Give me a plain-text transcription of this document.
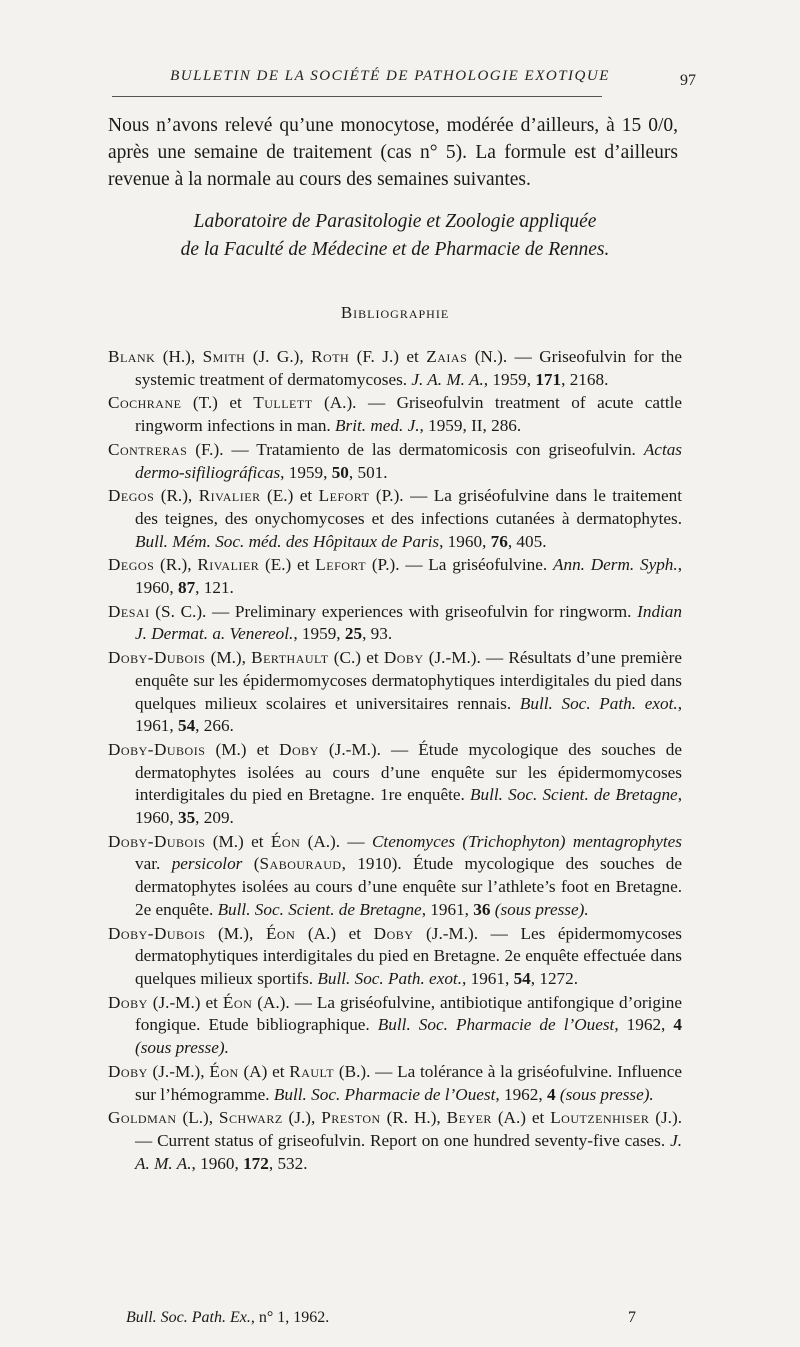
BULLETIN DE LA SOCIÉTÉ DE PATHOLOGIE EXOTIQUE	97
Nous n’avons relevé qu’une monocytose, modérée d’ailleurs, à 15 0/0, après une semaine de traitement (cas n° 5). La formule est d’ailleurs revenue à la normale au cours des semaines suivantes.
Laboratoire de Parasitologie et Zoologie appliquée
de la Faculté de Médecine et de Pharmacie de Rennes.
Bibliographie

Blank (H.), Smith (J. G.), Roth (F. J.) et Zaias (N.). — Griseofulvin for the systemic treatment of dermatomycoses. J. A. M. A., 1959, 171, 2168.

Cochrane (T.) et Tullett (A.). — Griseofulvin treatment of acute cattle ringworm infections in man. Brit. med. J., 1959, II, 286.

Contreras (F.). — Tratamiento de las dermatomicosis con griseofulvin. Actas dermo-sifiliográficas, 1959, 50, 501.

Degos (R.), Rivalier (E.) et Lefort (P.). — La griséofulvine dans le traitement des teignes, des onychomycoses et des infections cutanées à dermatophytes. Bull. Mém. Soc. méd. des Hôpitaux de Paris, 1960, 76, 405.

Degos (R.), Rivalier (E.) et Lefort (P.). — La griséofulvine. Ann. Derm. Syph., 1960, 87, 121.

Desai (S. C.). — Preliminary experiences with griseofulvin for ringworm. Indian J. Dermat. a. Venereol., 1959, 25, 93.

Doby-Dubois (M.), Berthault (C.) et Doby (J.-M.). — Résultats d’une première enquête sur les épidermomycoses dermatophytiques interdigitales du pied dans quelques milieux scolaires et universitaires rennais. Bull. Soc. Path. exot., 1961, 54, 266.

Doby-Dubois (M.) et Doby (J.-M.). — Étude mycologique des souches de dermatophytes isolées au cours d’une enquête sur les épidermomycoses interdigitales du pied en Bretagne. 1re enquête. Bull. Soc. Scient. de Bretagne, 1960, 35, 209.

Doby-Dubois (M.) et Éon (A.). — Ctenomyces (Trichophyton) mentagrophytes var. persicolor (Sabouraud, 1910). Étude mycologique des souches de dermatophytes isolées au cours d’une enquête sur l’athlete’s foot en Bretagne. 2e enquête. Bull. Soc. Scient. de Bretagne, 1961, 36 (sous presse).

Doby-Dubois (M.), Éon (A.) et Doby (J.-M.). — Les épidermomycoses dermatophytiques interdigitales du pied en Bretagne. 2e enquête effectuée dans quelques milieux sportifs. Bull. Soc. Path. exot., 1961, 54, 1272.

Doby (J.-M.) et Éon (A.). — La griséofulvine, antibiotique antifongique d’origine fongique. Etude bibliographique. Bull. Soc. Pharmacie de l’Ouest, 1962, 4 (sous presse).

Doby (J.-M.), Éon (A) et Rault (B.). — La tolérance à la griséofulvine. Influence sur l’hémogramme. Bull. Soc. Pharmacie de l’Ouest, 1962, 4 (sous presse).

Goldman (L.), Schwarz (J.), Preston (R. H.), Beyer (A.) et Loutzenhiser (J.). — Current status of griseofulvin. Report on one hundred seventy-five cases. J. A. M. A., 1960, 172, 532.

Bull. Soc. Path. Ex., n° 1, 1962.	7
